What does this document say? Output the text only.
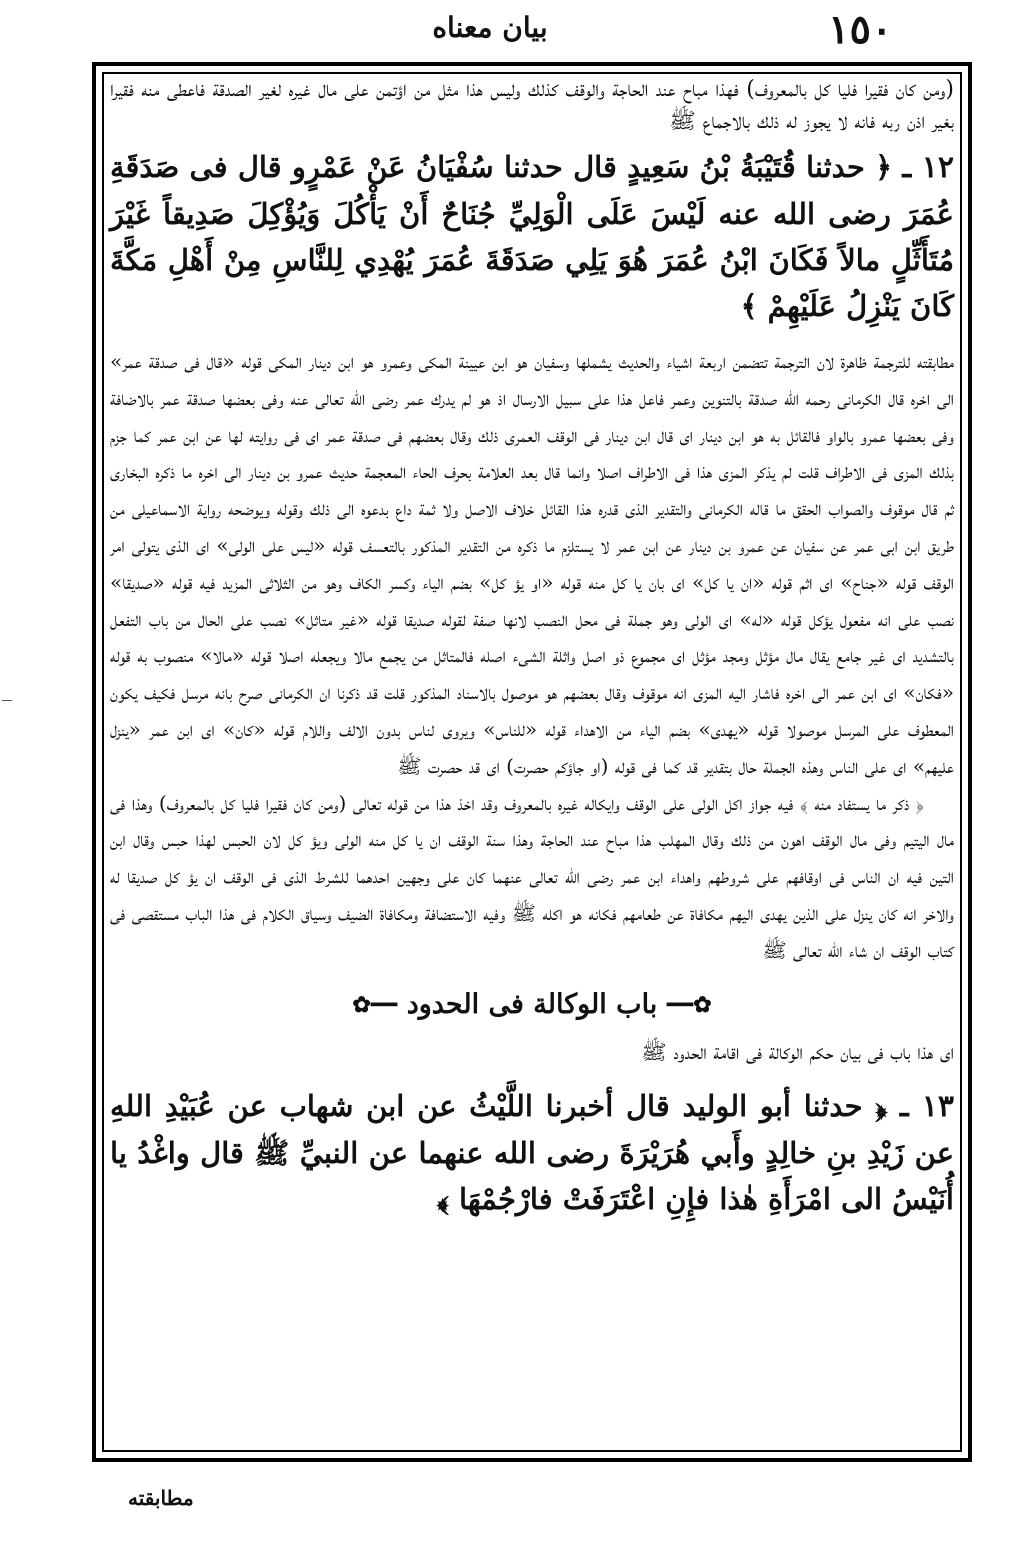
١٥٠
بیان معناه

(ومن كان فقيرا فليا كل بالمعروف) فهذا مباح عند الحاجة والوقف كذلك وليس هذا مثل من اؤتمن على مال غيره لغير الصدقة فاعطى منه فقيرا بغير اذن ربه فانه لا يجوز له ذلك بالاجماع ﷺ

١٢ ـ ﴿ حدثنا قُتَيْبَةُ بْنُ سَعِيدٍ قال حدثنا سُفْيَانُ عَنْ عَمْرٍو قال فى صَدَقَةِ عُمَرَ رضى الله عنه لَيْسَ عَلَى الْوَلِيِّ جُنَاحٌ أَنْ يَأْكُلَ وَيُؤْكِلَ صَدِيقاً غَيْرَ مُتَأَثِّلٍ مالاً فَكَانَ ابْنُ عُمَرَ هُوَ يَلِي صَدَقَةَ عُمَرَ يُهْدِي لِلنَّاسِ مِنْ أَهْلِ مَكَّةَ كَانَ يَنْزِلُ عَلَيْهِمْ ﴾

مطابقته للترجمة ظاهرة لان الترجمة تتضمن اربعة اشياء والحديث يشملها وسفيان هو ابن عيينة المكى وعمرو هو ابن دينار المكى قوله «قال فى صدقة عمر» الى اخره قال الكرمانى رحمه الله صدقة بالتنوين وعمر فاعل هذا على سبيل الارسال اذ هو لم يدرك عمر رضى الله تعالى عنه وفى بعضها صدقة عمر بالاضافة وفى بعضها عمرو بالواو فالقائل به هو ابن دينار اى قال ابن دينار فى الوقف العمرى ذلك وقال بعضهم فى صدقة عمر اى فى روايته لها عن ابن عمر كما جزم بذلك المزى فى الاطراف قلت لم يذكر المزى هذا فى الاطراف اصلا وانما قال بعد العلامة بحرف الحاء المعجمة حديث عمرو بن دينار الى اخره ما ذكره البخارى ثم قال موقوف والصواب الحقق ما قاله الكرمانى والتقدير الذى قدره هذا القائل خلاف الاصل ولا ثمة داع بدعوه الى ذلك وقوله ويوضحه رواية الاسماعيلى من طريق ابن ابى عمر عن سفيان عن عمرو بن دينار عن ابن عمر لا يستلزم ما ذكره من التقدير المذكور بالتعسف قوله «ليس على الولى» اى الذى يتولى امر الوقف قوله «جناح» اى اثم قوله «ان يا كل» اى بان يا كل منه قوله «او يؤ كل» بضم الياء وكسر الكاف وهو من الثلاثى المزيد فيه قوله «صديقا» نصب على انه مفعول يؤكل قوله «له» اى الولى وهو جملة فى محل النصب لانها صفة لقوله صديقا قوله «غير متاثل» نصب على الحال من باب التفعل بالتشديد اى غير جامع يقال مال مؤثل ومجد مؤثل اى مجموع ذو اصل واثلة الشىء اصله فالمتاثل من يجمع مالا ويجعله اصلا قوله «مالا» منصوب به قوله «فكان» اى ابن عمر الى اخره فاشار اليه المزى انه موقوف وقال بعضهم هو موصول بالاسناد المذكور قلت قد ذكرنا ان الكرمانى صرح بانه مرسل فكيف يكون المعطوف على المرسل موصولا قوله «يهدى» بضم الياء من الاهداء قوله «للناس» ويروى لناس بدون الالف واللام قوله «كان» اى ابن عمر «ينزل عليهم» اى على الناس وهذه الجملة حال بتقدير قد كما فى قوله (او جاؤكم حصرت) اى قد حصرت ﷺ

﴿ ذكر ما يستفاد منه ﴾ فيه جواز اكل الولى على الوقف وايكاله غيره بالمعروف وقد اخذ هذا من قوله تعالى (ومن كان فقيرا فليا كل بالمعروف) وهذا فى مال اليتيم وفى مال الوقف اهون من ذلك وقال المهلب هذا مباح عند الحاجة وهذا سنة الوقف ان يا كل منه الولى ويؤ كل لان الحبس لهذا حبس وقال ابن التين فيه ان الناس فى اوقافهم على شروطهم واهداء ابن عمر رضى الله تعالى عنهما كان على وجهين احدهما للشرط الذى فى الوقف ان يؤ كل صديقا له والاخر انه كان ينزل على الذين يهدى اليهم مكافاة عن طعامهم فكانه هو اكله ﷺ وفيه الاستضافة ومكافاة الضيف وسياق الكلام فى هذا الباب مستقصى فى كتاب الوقف ان شاء الله تعالى ﷺ

✿━━ باب الوكالة فى الحدود ━━✿

اى هذا باب فى بيان حكم الوكالة فى اقامة الحدود ﷺ

١٣ ـ ﴿ حدثنا أبو الوليد قال أخبرنا اللَّيْثُ عن ابن شهاب عن عُبَيْدِ اللهِ عن زَيْدِ بنِ خالِدٍ وأَبي هُرَيْرَةَ رضى الله عنهما عن النبيِّ ﷺ قال واغْدُ يا أُنَيْسُ الى امْرَأَةِ هٰذا فإِنِ اعْتَرَفَتْ فارْجُمْهَا ﴾
مطابقته
